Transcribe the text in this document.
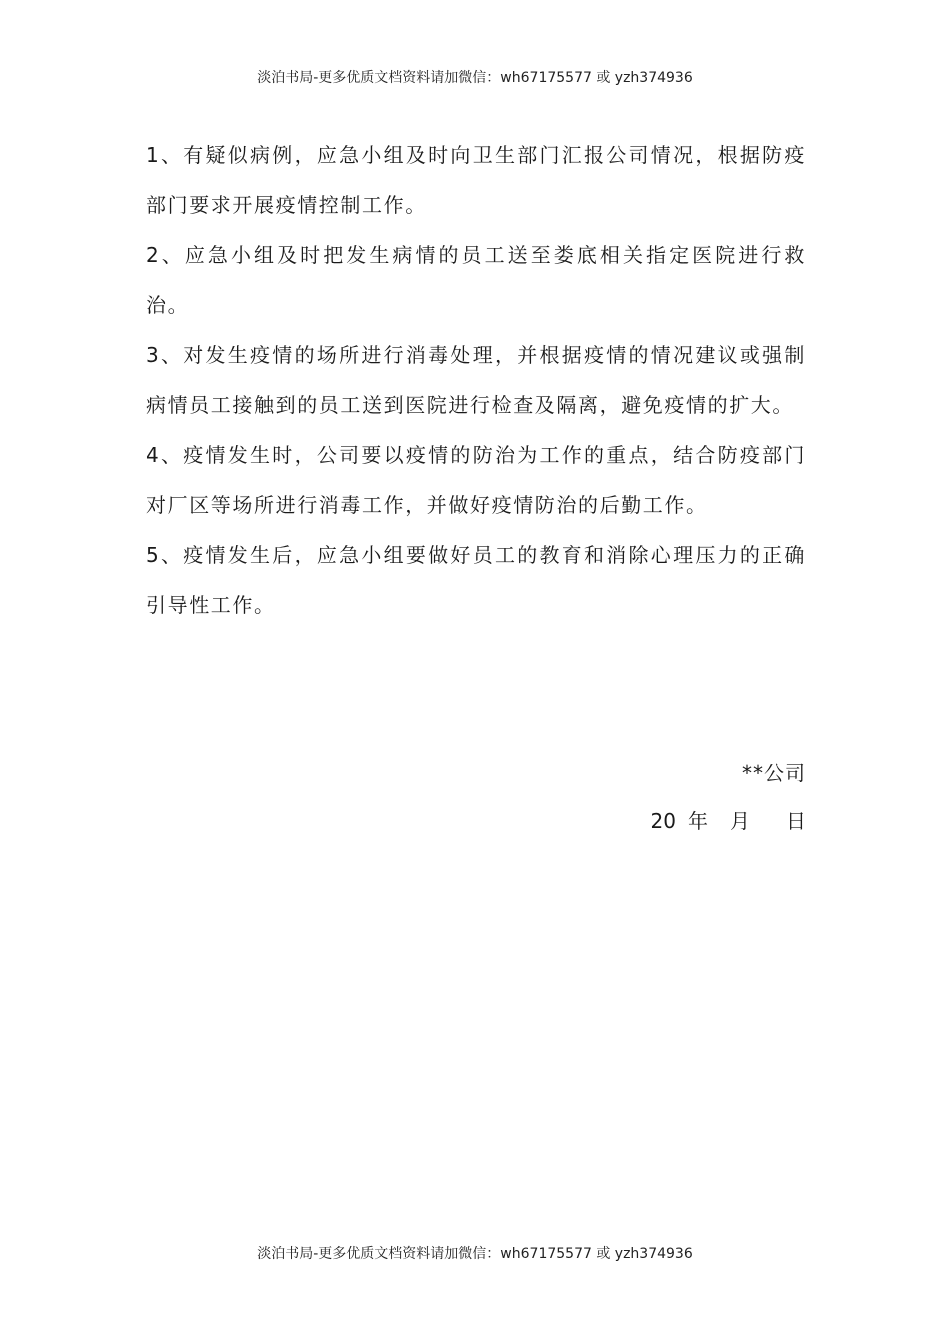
淡泊书局-更多优质文档资料请加微信：wh67175577 或 yzh374936

1、有疑似病例，应急小组及时向卫生部门汇报公司情况，根据防疫部门要求开展疫情控制工作。

2、应急小组及时把发生病情的员工送至娄底相关指定医院进行救治。

3、对发生疫情的场所进行消毒处理，并根据疫情的情况建议或强制病情员工接触到的员工送到医院进行检查及隔离，避免疫情的扩大。

4、疫情发生时，公司要以疫情的防治为工作的重点，结合防疫部门对厂区等场所进行消毒工作，并做好疫情防治的后勤工作。

5、疫情发生后，应急小组要做好员工的教育和消除心理压力的正确引导性工作。

**公司
20 年 月 日
淡泊书局-更多优质文档资料请加微信：wh67175577 或 yzh374936
